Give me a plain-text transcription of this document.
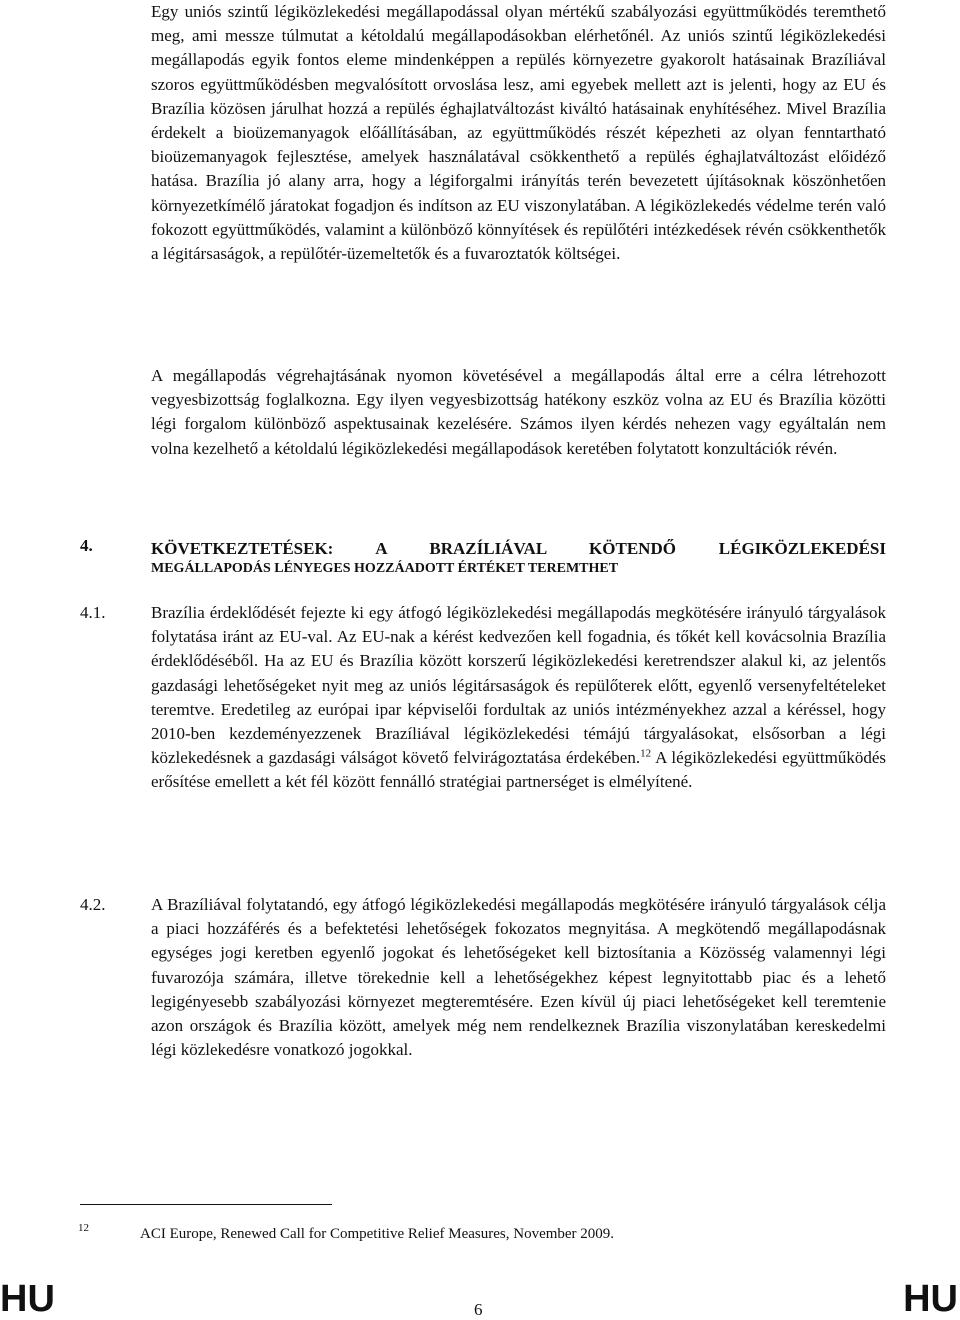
Egy uniós szintű légiközlekedési megállapodással olyan mértékű szabályozási együttműködés teremthető meg, ami messze túlmutat a kétoldalú megállapodásokban elérhetőnél. Az uniós szintű légiközlekedési megállapodás egyik fontos eleme mindenképpen a repülés környezetre gyakorolt hatásainak Brazíliával szoros együttműködésben megvalósított orvoslása lesz, ami egyebek mellett azt is jelenti, hogy az EU és Brazília közösen járulhat hozzá a repülés éghajlatváltozást kiváltó hatásainak enyhítéséhez. Mivel Brazília érdekelt a bioüzemanyagok előállításában, az együttműködés részét képezheti az olyan fenntartható bioüzemanyagok fejlesztése, amelyek használatával csökkenthető a repülés éghajlatváltozást előidéző hatása. Brazília jó alany arra, hogy a légiforgalmi irányítás terén bevezetett újításoknak köszönhetően környezetkímélő járatokat fogadjon és indítson az EU viszonylatában. A légiközlekedés védelme terén való fokozott együttműködés, valamint a különböző könnyítések és repülőtéri intézkedések révén csökkenthetők a légitársaságok, a repülőtér-üzemeltetők és a fuvaroztatók költségei.

A megállapodás végrehajtásának nyomon követésével a megállapodás által erre a célra létrehozott vegyesbizottság foglalkozna. Egy ilyen vegyesbizottság hatékony eszköz volna az EU és Brazília közötti légi forgalom különböző aspektusainak kezelésére. Számos ilyen kérdés nehezen vagy egyáltalán nem volna kezelhető a kétoldalú légiközlekedési megállapodások keretében folytatott konzultációk révén.

4.	KÖVETKEZTETÉSEK: A BRAZÍLIÁVAL KÖTENDŐ LÉGIKÖZLEKEDÉSI
MEGÁLLAPODÁS LÉNYEGES HOZZÁADOTT ÉRTÉKET TEREMTHET
4.1.	Brazília érdeklődését fejezte ki egy átfogó légiközlekedési megállapodás megkötésére irányuló tárgyalások folytatása iránt az EU-val. Az EU-nak a kérést kedvezően kell fogadnia, és tőkét kell kovácsolnia Brazília érdeklődéséből. Ha az EU és Brazília között korszerű légiközlekedési keretrendszer alakul ki, az jelentős gazdasági lehetőségeket nyit meg az uniós légitársaságok és repülőterek előtt, egyenlő versenyfeltételeket teremtve. Eredetileg az európai ipar képviselői fordultak az uniós intézményekhez azzal a kéréssel, hogy 2010-ben kezdeményezzenek Brazíliával légiközlekedési témájú tárgyalásokat, elsősorban a légi közlekedésnek a gazdasági válságot követő felvirágoztatása érdekében.$^{12}$ A légiközlekedési együttműködés erősítése emellett a két fél között fennálló stratégiai partnerséget is elmélyítené.

4.2.	A Brazíliával folytatandó, egy átfogó légiközlekedési megállapodás megkötésére irányuló tárgyalások célja a piaci hozzáférés és a befektetési lehetőségek fokozatos megnyitása. A megkötendő megállapodásnak egységes jogi keretben egyenlő jogokat és lehetőségeket kell biztosítania a Közösség valamennyi légi fuvarozója számára, illetve törekednie kell a lehetőségekhez képest legnyitottabb piac és a lehető legigényesebb szabályozási környezet megteremtésére. Ezen kívül új piaci lehetőségeket kell teremtenie azon országok és Brazília között, amelyek még nem rendelkeznek Brazília viszonylatában kereskedelmi légi közlekedésre vonatkozó jogokkal.

12	ACI Europe, Renewed Call for Competitive Relief Measures, November 2009.
HU	6	HU
